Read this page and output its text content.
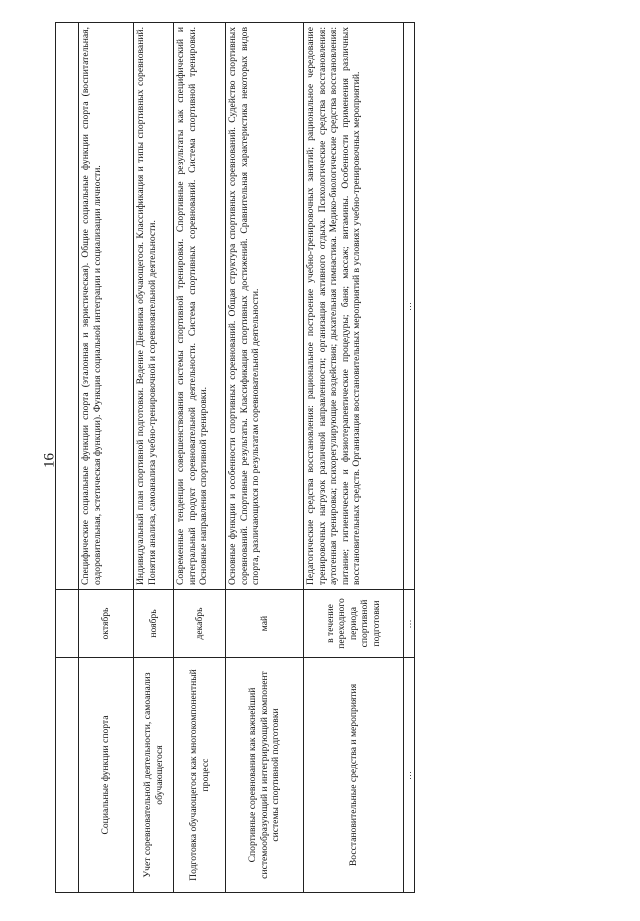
16

Социальные функции спорта	октябрь	Специфические социальные функции спорта (эталонная и эвристическая). Общие социальные функции спорта (воспитательная, оздоровительная, эстетическая функции). Функция социальной интеграции и социализации личности.
Учет соревновательной деятельности, самоанализ обучающегося	ноябрь	Индивидуальный план спортивной подготовки. Ведение Дневника обучающегося. Классификация и типы спортивных соревнований. Понятия анализа, самоанализа учебно-тренировочной и соревновательной деятельности.
Подготовка обучающегося как многокомпонентный процесс	декабрь	Современные тенденции совершенствования системы спортивной тренировки. Спортивные результаты как специфический и интегральный продукт соревновательной деятельности. Система спортивных соревнований. Система спортивной тренировки. Основные направления спортивной тренировки.
Спортивные соревнования как важнейший системообразующий и интегрирующий компонент системы спортивной подготовки	май	Основные функции и особенности спортивных соревнований. Общая структура спортивных соревнований. Судейство спортивных соревнований. Спортивные результаты. Классификация спортивных достижений. Сравнительная характеристика некоторых видов спорта, различающихся по результатам соревновательной деятельности.
Восстановительные средства и мероприятия	в течение переходного периода спортивной подготовки	Педагогические средства восстановления: рациональное построение учебно-тренировочных занятий; рациональное чередование тренировочных нагрузок различной направленности; организация активного отдыха. Психологические средства восстановления: аутогенная тренировка; психорегулирующие воздействия; дыхательная гимнастика. Медико-биологические средства восстановления: питание; гигиенические и физиотерапевтические процедуры; баня; массаж; витамины. Особенности применения различных восстановительных средств. Организация восстановительных мероприятий в условиях учебно-тренировочных мероприятий.
...	...	...
